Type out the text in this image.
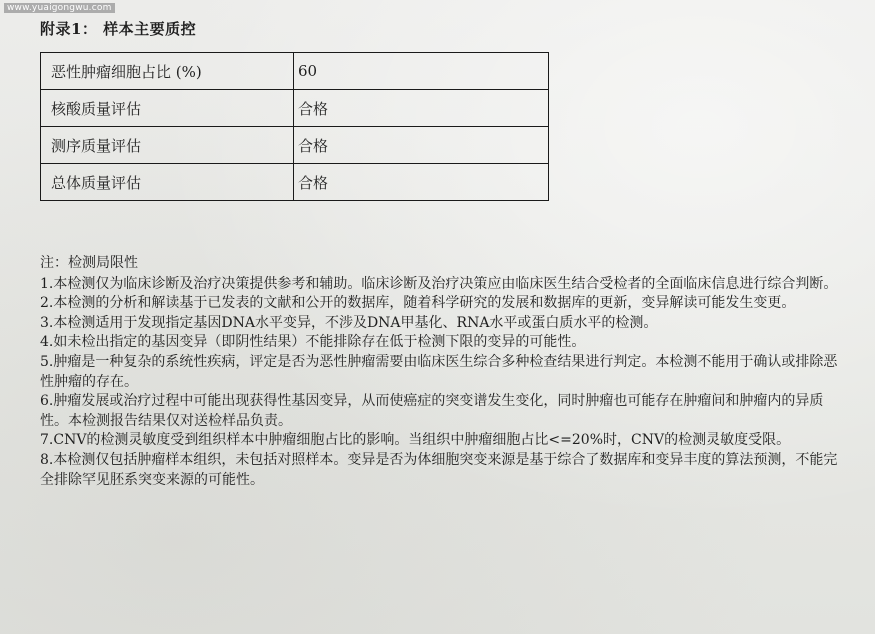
www.yuaigongwu.com
附录1： 样本主要质控
恶性肿瘤细胞占比 (%)	60
核酸质量评估	合格
测序质量评估	合格
总体质量评估	合格

注：检测局限性

1.本检测仅为临床诊断及治疗决策提供参考和辅助。临床诊断及治疗决策应由临床医生结合受检者的全面临床信息进行综合判断。

2.本检测的分析和解读基于已发表的文献和公开的数据库，随着科学研究的发展和数据库的更新，变异解读可能发生变更。

3.本检测适用于发现指定基因DNA水平变异，不涉及DNA甲基化、RNA水平或蛋白质水平的检测。

4.如未检出指定的基因变异（即阴性结果）不能排除存在低于检测下限的变异的可能性。

5.肿瘤是一种复杂的系统性疾病，评定是否为恶性肿瘤需要由临床医生综合多种检查结果进行判定。本检测不能用于确认或排除恶性肿瘤的存在。

6.肿瘤发展或治疗过程中可能出现获得性基因变异，从而使癌症的突变谱发生变化，同时肿瘤也可能存在肿瘤间和肿瘤内的异质性。本检测报告结果仅对送检样品负责。

7.CNV的检测灵敏度受到组织样本中肿瘤细胞占比的影响。当组织中肿瘤细胞占比<=20%时，CNV的检测灵敏度受限。

8.本检测仅包括肿瘤样本组织，未包括对照样本。变异是否为体细胞突变来源是基于综合了数据库和变异丰度的算法预测，不能完全排除罕见胚系突变来源的可能性。
